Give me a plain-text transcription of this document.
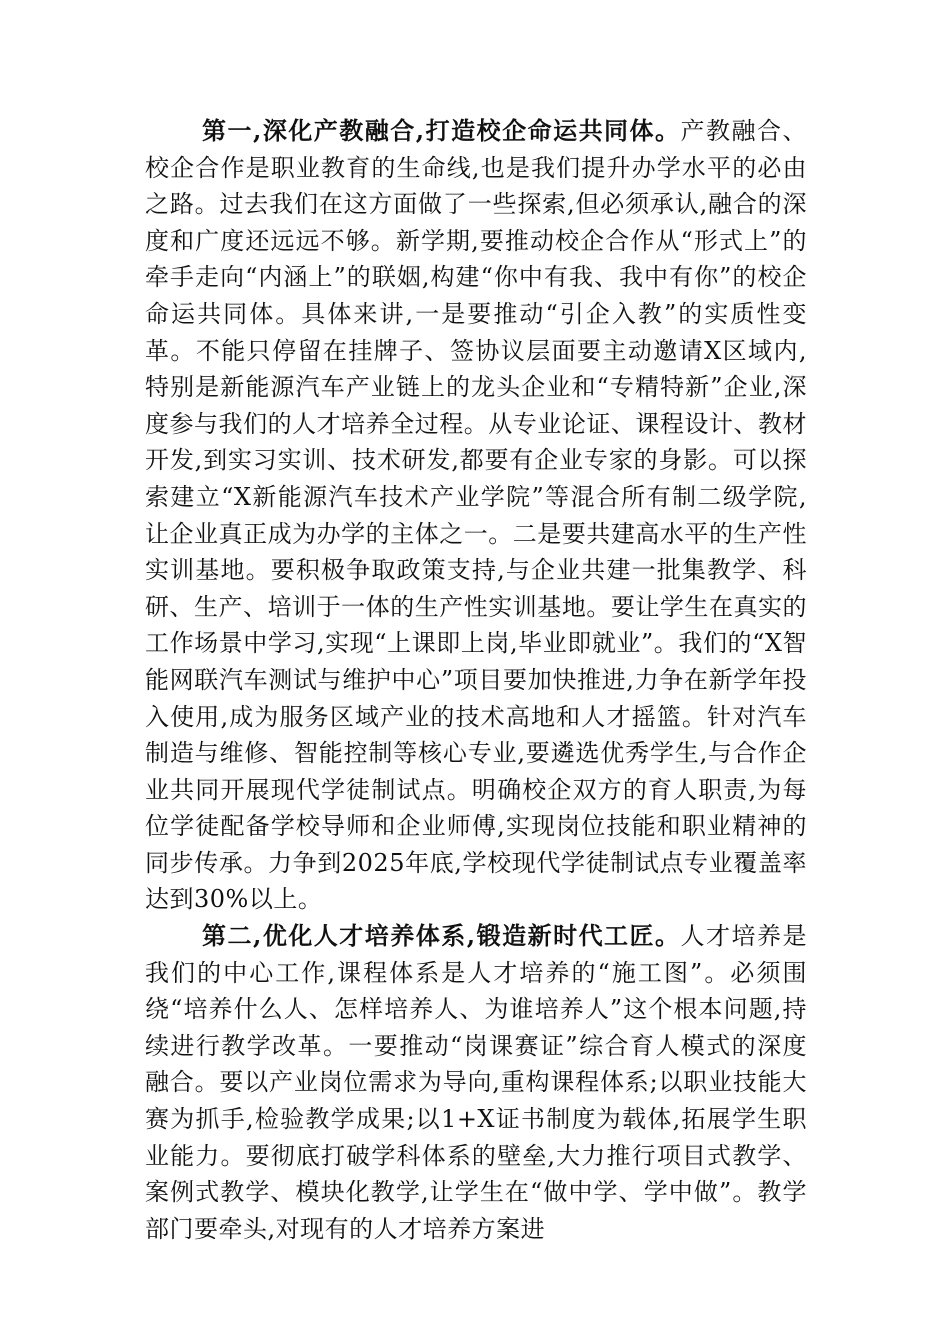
第一,深化产教融合,打造校企命运共同体。产教融合、校企合作是职业教育的生命线,也是我们提升办学水平的必由之路。过去我们在这方面做了一些探索,但必须承认,融合的深度和广度还远远不够。新学期,要推动校企合作从“形式上”的牵手走向“内涵上”的联姻,构建“你中有我、我中有你”的校企命运共同体。具体来讲,一是要推动“引企入教”的实质性变革。不能只停留在挂牌子、签协议层面要主动邀请X区域内,特别是新能源汽车产业链上的龙头企业和“专精特新”企业,深度参与我们的人才培养全过程。从专业论证、课程设计、教材开发,到实习实训、技术研发,都要有企业专家的身影。可以探索建立“X新能源汽车技术产业学院”等混合所有制二级学院,让企业真正成为办学的主体之一。二是要共建高水平的生产性实训基地。要积极争取政策支持,与企业共建一批集教学、科研、生产、培训于一体的生产性实训基地。要让学生在真实的工作场景中学习,实现“上课即上岗,毕业即就业”。我们的“X智能网联汽车测试与维护中心”项目要加快推进,力争在新学年投入使用,成为服务区域产业的技术高地和人才摇篮。针对汽车制造与维修、智能控制等核心专业,要遴选优秀学生,与合作企业共同开展现代学徒制试点。明确校企双方的育人职责,为每位学徒配备学校导师和企业师傅,实现岗位技能和职业精神的同步传承。力争到2025年底,学校现代学徒制试点专业覆盖率达到30%以上。

第二,优化人才培养体系,锻造新时代工匠。人才培养是我们的中心工作,课程体系是人才培养的“施工图”。必须围绕“培养什么人、怎样培养人、为谁培养人”这个根本问题,持续进行教学改革。一要推动“岗课赛证”综合育人模式的深度融合。要以产业岗位需求为导向,重构课程体系;以职业技能大赛为抓手,检验教学成果;以1+X证书制度为载体,拓展学生职业能力。要彻底打破学科体系的壁垒,大力推行项目式教学、案例式教学、模块化教学,让学生在“做中学、学中做”。教学部门要牵头,对现有的人才培养方案进
